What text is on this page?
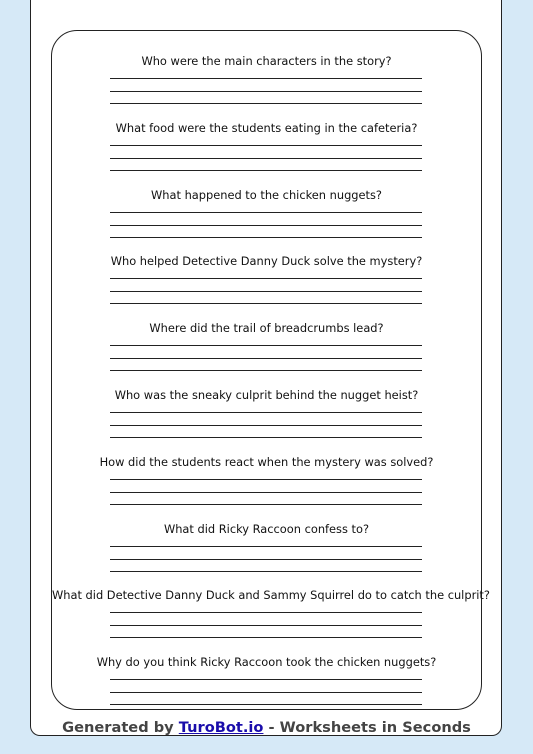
Who were the main characters in the story?
What food were the students eating in the cafeteria?
What happened to the chicken nuggets?
Who helped Detective Danny Duck solve the mystery?
Where did the trail of breadcrumbs lead?
Who was the sneaky culprit behind the nugget heist?
How did the students react when the mystery was solved?
What did Ricky Raccoon confess to?
What did Detective Danny Duck and Sammy Squirrel do to catch the culprit?
Why do you think Ricky Raccoon took the chicken nuggets?
Generated by TuroBot.io - Worksheets in Seconds
